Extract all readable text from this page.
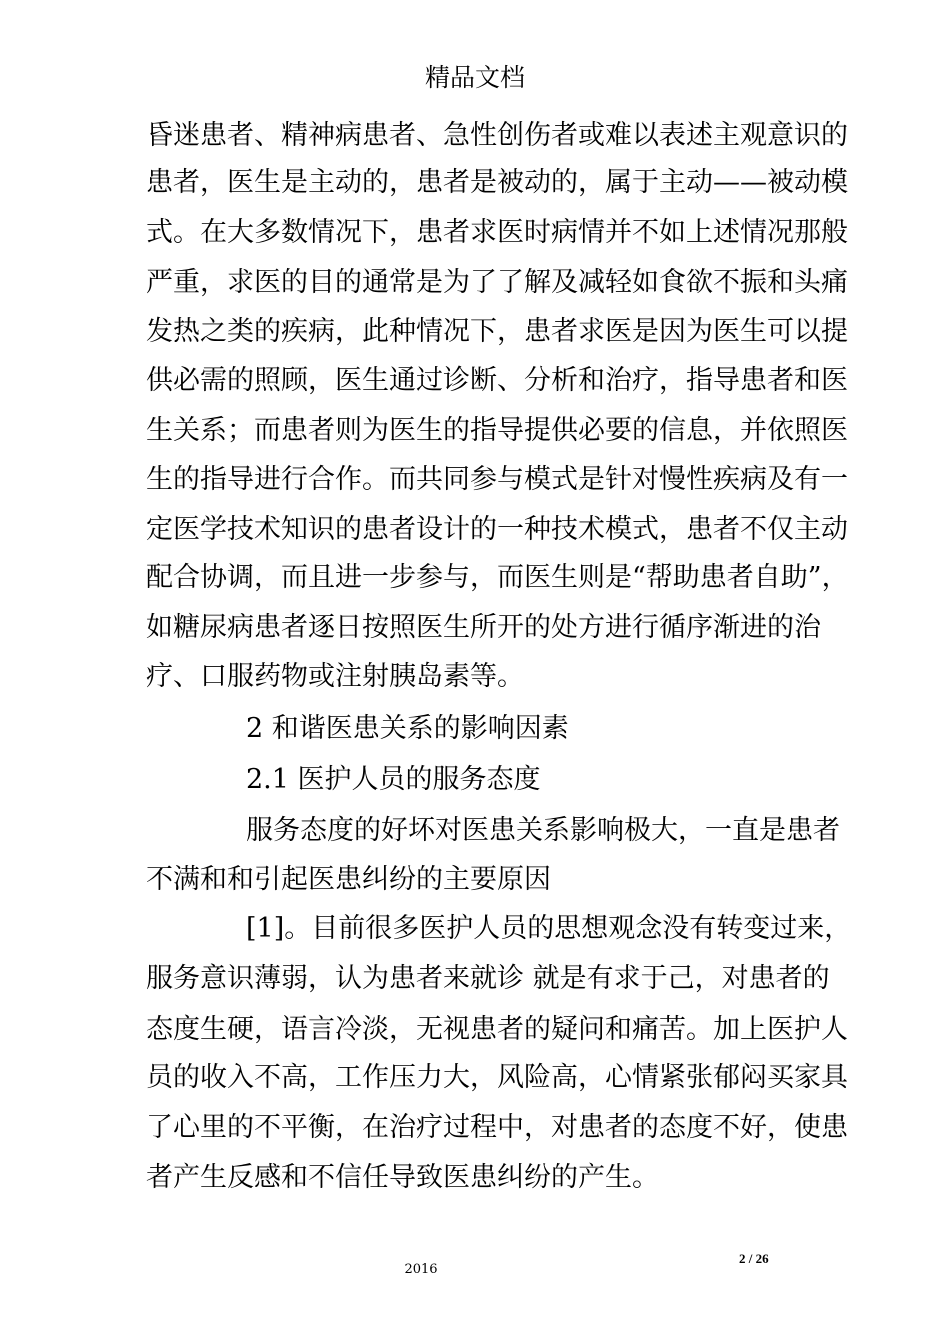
精品文档
昏迷患者、精神病患者、急性创伤者或难以表述主观意识的
患者，医生是主动的，患者是被动的，属于主动——被动模
式。在大多数情况下，患者求医时病情并不如上述情况那般
严重，求医的目的通常是为了了解及减轻如食欲不振和头痛
发热之类的疾病，此种情况下，患者求医是因为医生可以提
供必需的照顾，医生通过诊断、分析和治疗，指导患者和医
生关系；而患者则为医生的指导提供必要的信息，并依照医
生的指导进行合作。而共同参与模式是针对慢性疾病及有一
定医学技术知识的患者设计的一种技术模式，患者不仅主动
配合协调，而且进一步参与，而医生则是“帮助患者自助”，
如糖尿病患者逐日按照医生所开的处方进行循序渐进的治
疗、口服药物或注射胰岛素等。
2 和谐医患关系的影响因素
2.1 医护人员的服务态度
服务态度的好坏对医患关系影响极大，一直是患者
不满和和引起医患纠纷的主要原因
[1]。目前很多医护人员的思想观念没有转变过来，
服务意识薄弱，认为患者来就诊 就是有求于己，对患者的
态度生硬，语言冷淡，无视患者的疑问和痛苦。加上医护人
员的收入不高，工作压力大，风险高，心情紧张郁闷买家具
了心里的不平衡，在治疗过程中，对患者的态度不好，使患
者产生反感和不信任导致医患纠纷的产生。
2016
2 / 26
